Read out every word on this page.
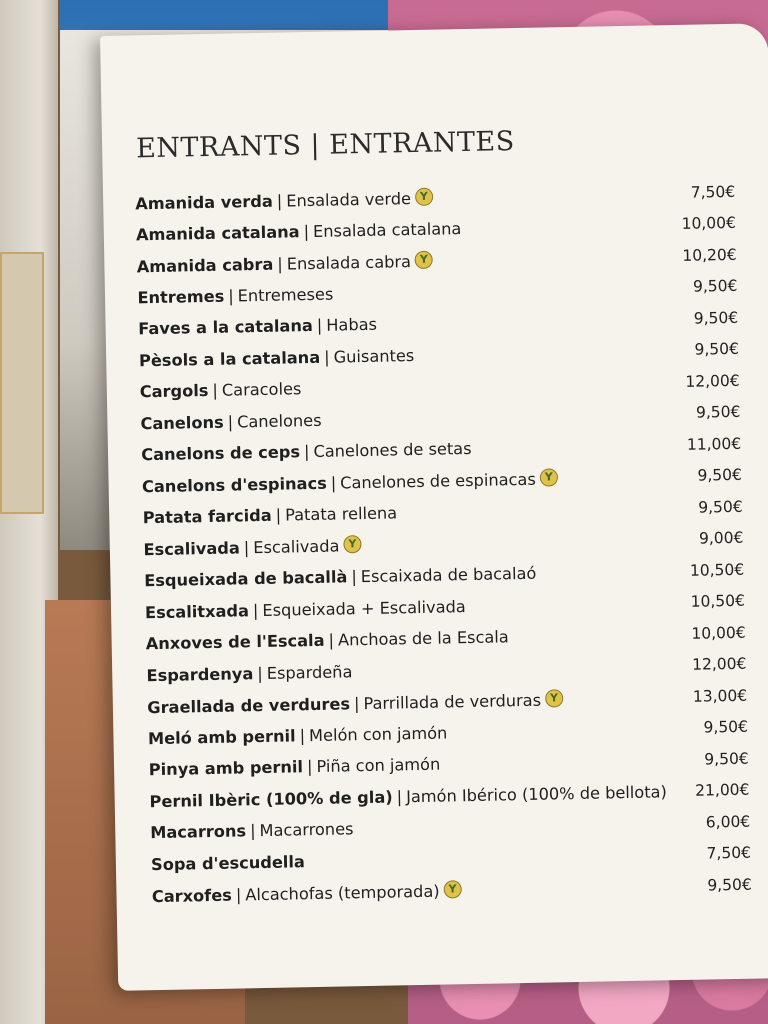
ENTRANTS | ENTRANTES
Amanida verda | Ensalada verde Y	7,50€
Amanida catalana | Ensalada catalana	10,00€
Amanida cabra | Ensalada cabra Y	10,20€
Entremes | Entremeses	9,50€
Faves a la catalana | Habas	9,50€
Pèsols a la catalana | Guisantes	9,50€
Cargols | Caracoles	12,00€
Canelons | Canelones	9,50€
Canelons de ceps | Canelones de setas	11,00€
Canelons d'espinacs | Canelones de espinacas Y	9,50€
Patata farcida | Patata rellena	9,50€
Escalivada | Escalivada Y	9,00€
Esqueixada de bacallà | Escaixada de bacalaó	10,50€
Escalitxada | Esqueixada + Escalivada	10,50€
Anxoves de l'Escala | Anchoas de la Escala	10,00€
Espardenya | Espardeña	12,00€
Graellada de verdures | Parrillada de verduras Y	13,00€
Meló amb pernil | Melón con jamón	9,50€
Pinya amb pernil | Piña con jamón	9,50€
Pernil Ibèric (100% de gla) | Jamón Ibérico (100% de bellota) 21,00€
Macarrons | Macarrones	6,00€
Sopa d'escudella	7,50€
Carxofes | Alcachofas (temporada) Y	9,50€
